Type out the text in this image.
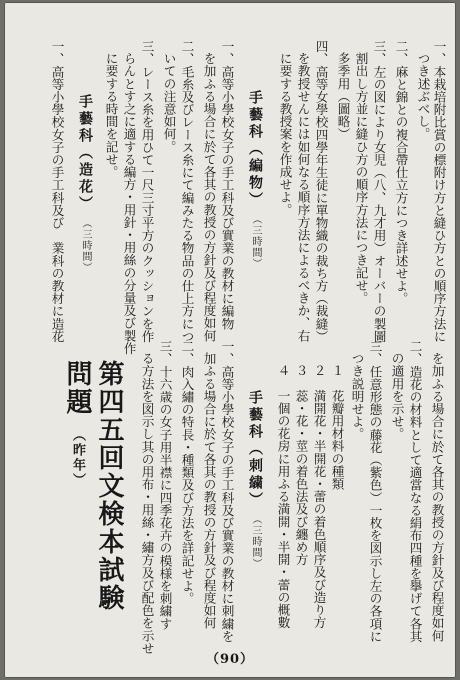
一、本栽培附比賞の標附け方と縫ひ方との順序方法に
つき述ぶべし。
二、麻と錦との複合帶仕立方につき詳述せよ。
三、左の図により女児（八、九才用）オーバーの製圖
割出し方並に縫ひ方の順序方法につき記せ。
多季用（圖略）
四、高等女學校四學年生徒に單物織の裁ち方（裁縫）
を教授せんには如何なる順序方法によるべきか、右
に要する教授案を作成せよ。
手藝科（編物）（三時間）
一、高等小學校女子の手工科及び實業の教材に編物
を加ふる場合に於て各其の教授の方針及び程度如何
二、毛糸及びレース糸にて編みたる物品の仕上方につ
いての注意如何。
三、レース糸を用ひて一尺三寸平方のクッションを作
らんとす之に適する編方・用針・用絲の分量及び製作
に要する時間を記せ。
手藝科（造花）（三時間）
一、高等小學校女子の手工科及び　業科の教材に造花
を加ふる場合に於て各其の教授の方針及び程度如何
二、造花の材料として適當なる絹布四種を擧げて各其
の適用を示せ。
三、任意形態の藤花（紫色）一枚を図示し左の各項に
つき説明せよ。
１　花瓣用材料の種類
２　満開花・半開花・蕾の着色順序及び造り方
３　蕊・花・莖の着色法及び纏め方
４　一個の花房に用ふる満開・半開・蕾の概數
手藝科（刺繍）（三時間）
一、高等小學校女子の手工科及び實業の教材に刺繍を
加ふる場合に於て各其の教授の方針及び程度如何
二、肉入繡の特長・種類及び方法を詳記せよ。
三、十六歳の女子用半襟に四季花卉の模様を刺繍す
る方法を図示し其の用布・用絲・繡方及び配色を示せ
第四五回文検本試験
問題（昨年）
（90）
